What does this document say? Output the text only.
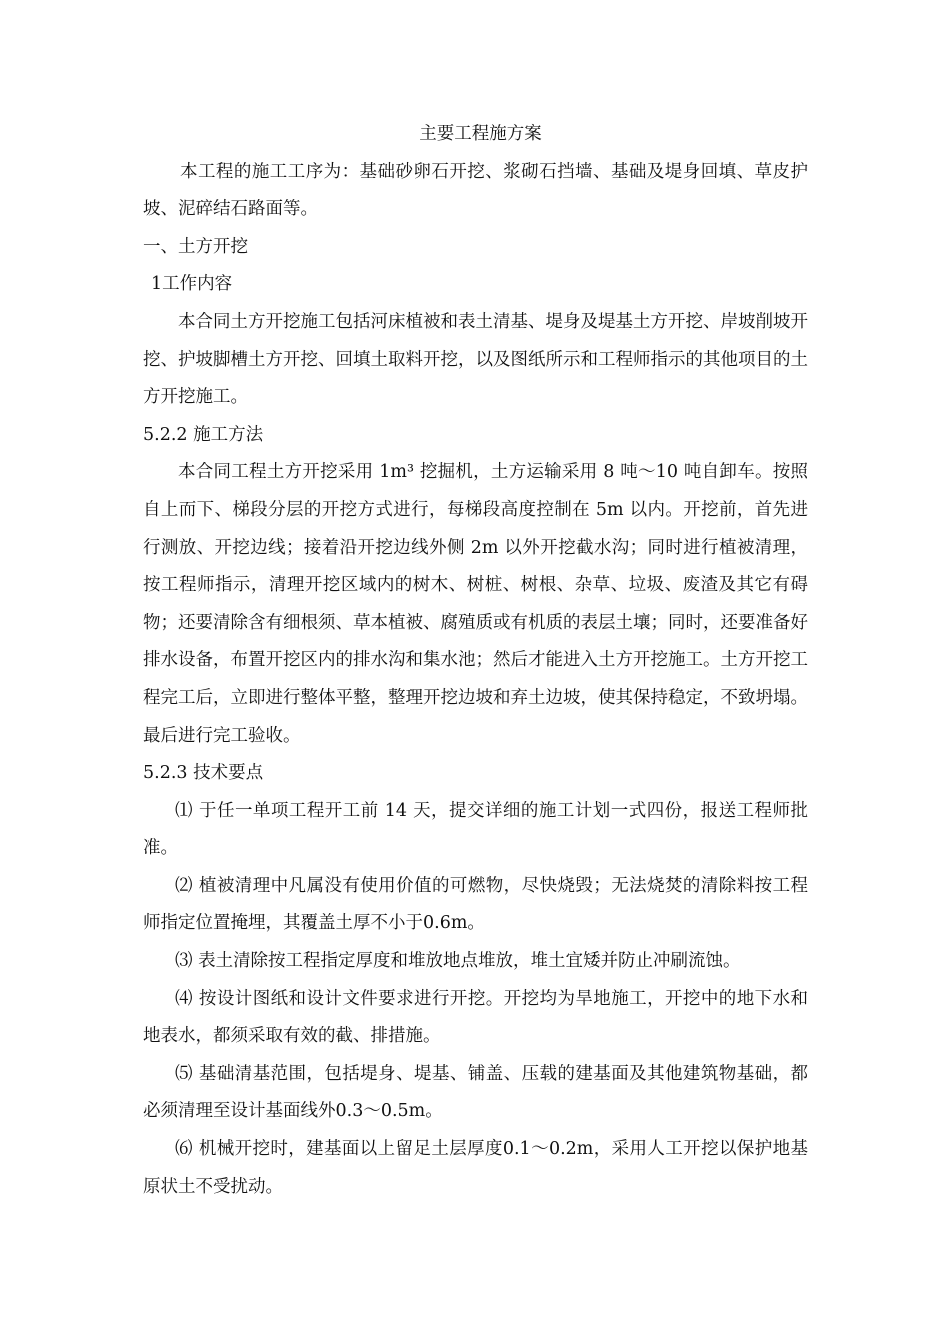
主要工程施方案

本工程的施工工序为：基础砂卵石开挖、浆砌石挡墙、基础及堤身回填、草皮护坡、泥碎结石路面等。

一、土方开挖

1工作内容

本合同土方开挖施工包括河床植被和表土清基、堤身及堤基土方开挖、岸坡削坡开挖、护坡脚槽土方开挖、回填土取料开挖，以及图纸所示和工程师指示的其他项目的土方开挖施工。

5.2.2 施工方法

本合同工程土方开挖采用 1m³ 挖掘机，土方运输采用 8 吨～10 吨自卸车。按照自上而下、梯段分层的开挖方式进行，每梯段高度控制在 5m 以内。开挖前，首先进行测放、开挖边线；接着沿开挖边线外侧 2m 以外开挖截水沟；同时进行植被清理，按工程师指示，清理开挖区域内的树木、树桩、树根、杂草、垃圾、废渣及其它有碍物；还要清除含有细根须、草本植被、腐殖质或有机质的表层土壤；同时，还要准备好排水设备，布置开挖区内的排水沟和集水池；然后才能进入土方开挖施工。土方开挖工程完工后，立即进行整体平整，整理开挖边坡和弃土边坡，使其保持稳定，不致坍塌。最后进行完工验收。

5.2.3 技术要点

⑴ 于任一单项工程开工前 14 天，提交详细的施工计划一式四份，报送工程师批准。

⑵ 植被清理中凡属没有使用价值的可燃物，尽快烧毁；无法烧焚的清除料按工程师指定位置掩埋，其覆盖土厚不小于0.6m。

⑶ 表土清除按工程指定厚度和堆放地点堆放，堆土宜矮并防止冲刷流蚀。

⑷ 按设计图纸和设计文件要求进行开挖。开挖均为旱地施工，开挖中的地下水和地表水，都须采取有效的截、排措施。

⑸ 基础清基范围，包括堤身、堤基、铺盖、压载的建基面及其他建筑物基础，都必须清理至设计基面线外0.3～0.5m。

⑹ 机械开挖时，建基面以上留足土层厚度0.1～0.2m，采用人工开挖以保护地基原状土不受扰动。
